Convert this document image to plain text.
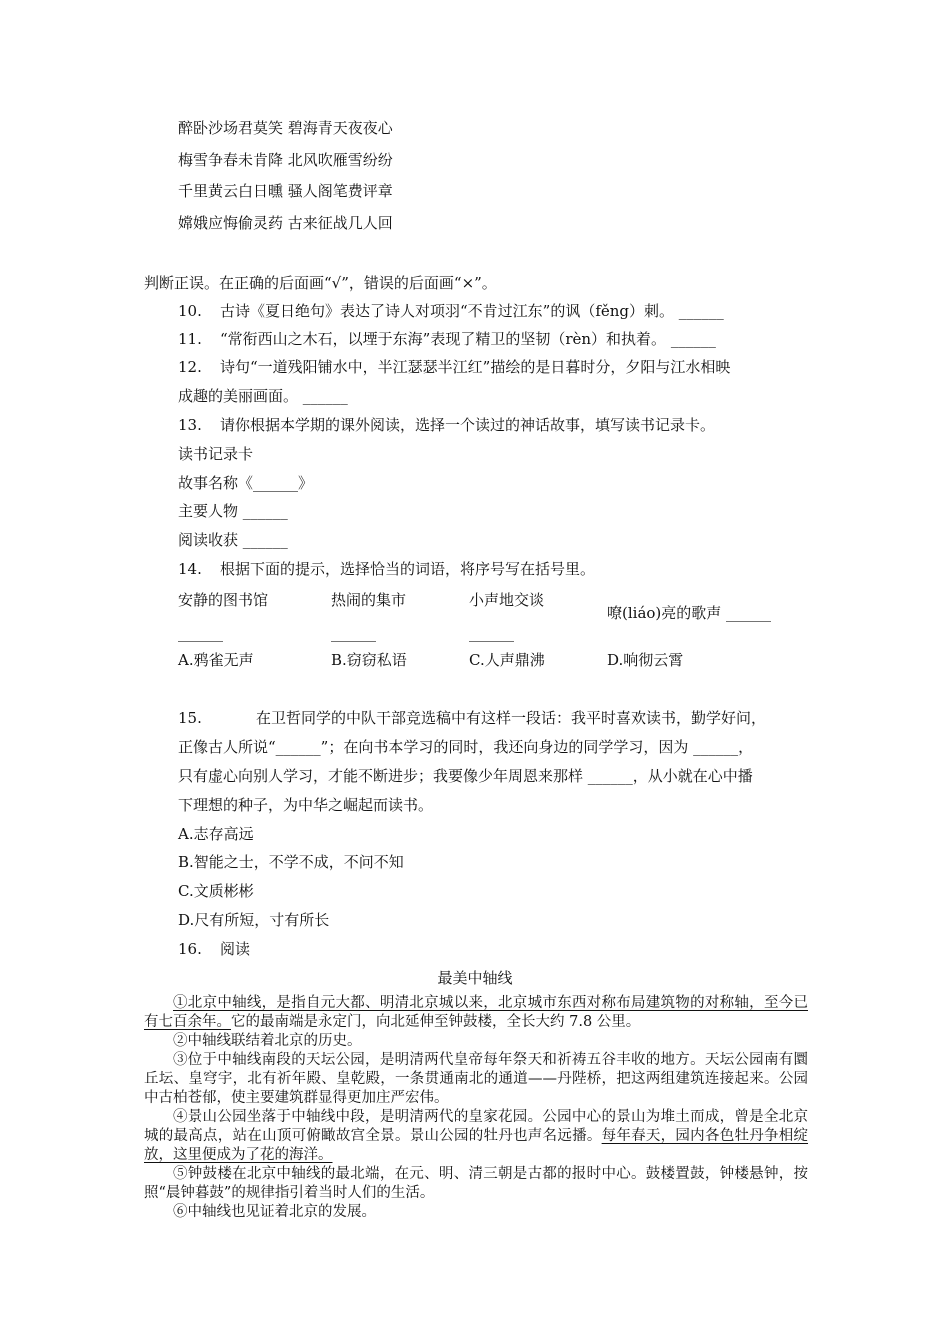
醉卧沙场君莫笑 碧海青天夜夜心
梅雪争春未肯降 北风吹雁雪纷纷
千里黄云白日曛 骚人阁笔费评章
嫦娥应悔偷灵药 古来征战几人回
判断正误。在正确的后面画“√”，错误的后面画“×”。
10. 古诗《夏日绝句》表达了诗人对项羽“不肯过江东”的讽（fěng）刺。 ______
11. “常衔西山之木石，以堙于东海”表现了精卫的坚韧（rèn）和执着。 ______
12. 诗句“一道残阳铺水中，半江瑟瑟半江红”描绘的是日暮时分，夕阳与江水相映
成趣的美丽画面。 ______
13. 请你根据本学期的课外阅读，选择一个读过的神话故事，填写读书记录卡。
读书记录卡
故事名称《______》
主要人物 ______
阅读收获 ______
14. 根据下面的提示，选择恰当的词语，将序号写在括号里。
安静的图书馆	热闹的集市	小声地交谈
嘹(liáo)亮的歌声 ______
______	______	______
A.鸦雀无声	B.窃窃私语	C.人声鼎沸	D.响彻云霄
15.	在卫哲同学的中队干部竞选稿中有这样一段话：我平时喜欢读书，勤学好问，
正像古人所说“______”；在向书本学习的同时，我还向身边的同学学习，因为 ______，
只有虚心向别人学习，才能不断进步；我要像少年周恩来那样 ______，从小就在心中播
下理想的种子，为中华之崛起而读书。
A.志存高远
B.智能之士，不学不成，不问不知
C.文质彬彬
D.尺有所短，寸有所长
16. 阅读
最美中轴线

①北京中轴线，是指自元大都、明清北京城以来，北京城市东西对称布局建筑物的对称轴，至今已有七百余年。它的最南端是永定门，向北延伸至钟鼓楼，全长大约 7.8 公里。

②中轴线联结着北京的历史。

③位于中轴线南段的天坛公园，是明清两代皇帝每年祭天和祈祷五谷丰收的地方。天坛公园南有圜丘坛、皇穹宇，北有祈年殿、皇乾殿，一条贯通南北的通道——丹陛桥，把这两组建筑连接起来。公园中古柏苍郁，使主要建筑群显得更加庄严宏伟。

④景山公园坐落于中轴线中段，是明清两代的皇家花园。公园中心的景山为堆土而成，曾是全北京城的最高点，站在山顶可俯瞰故宫全景。景山公园的牡丹也声名远播。每年春天，园内各色牡丹争相绽放，这里便成为了花的海洋。

⑤钟鼓楼在北京中轴线的最北端，在元、明、清三朝是古都的报时中心。鼓楼置鼓，钟楼悬钟，按照“晨钟暮鼓”的规律指引着当时人们的生活。

⑥中轴线也见证着北京的发展。
